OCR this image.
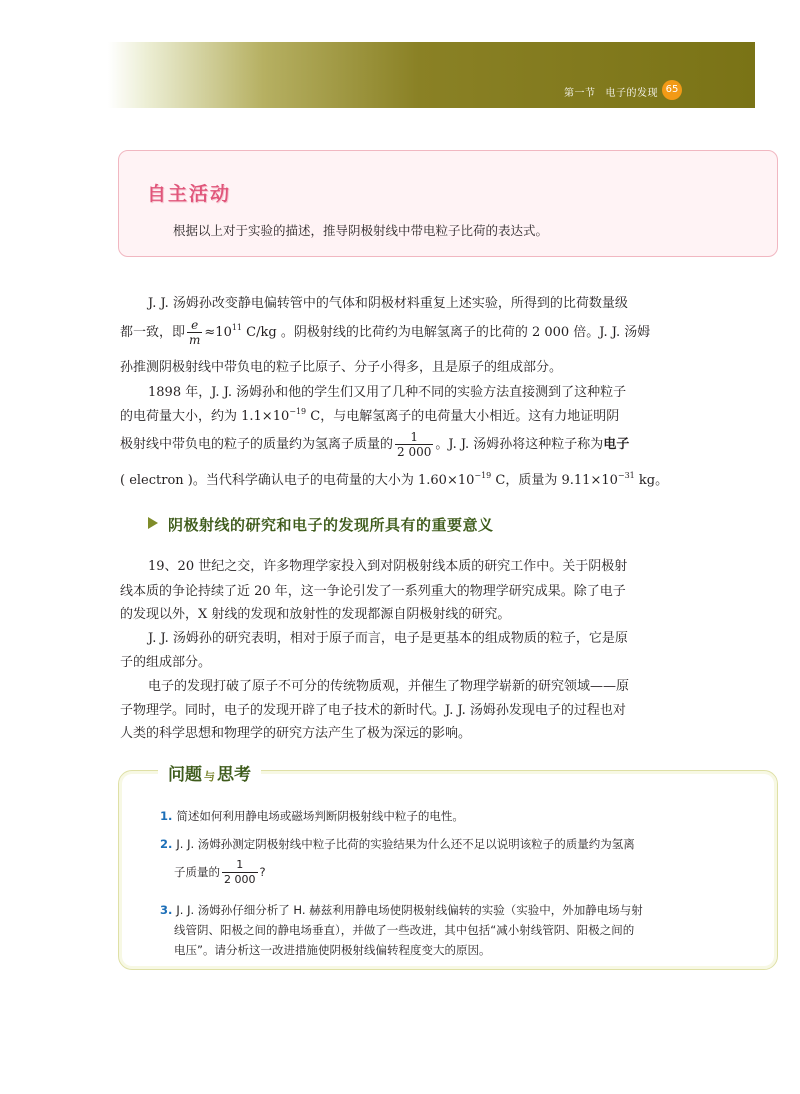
第一节 电子的发现 65
自主活动
根据以上对于实验的描述，推导阴极射线中带电粒子比荷的表达式。
J. J. 汤姆孙改变静电偏转管中的气体和阴极材料重复上述实验，所得到的比荷数量级
都一致，即 $\frac{e}{m} \approx 10^{11}$ C/kg 。阴极射线的比荷约为电解氢离子的比荷的 2 000 倍。J. J. 汤姆
孙推测阴极射线中带负电的粒子比原子、分子小得多，且是原子的组成部分。
1898 年，J. J. 汤姆孙和他的学生们又用了几种不同的实验方法直接测到了这种粒子
的电荷量大小，约为 $1.1\times 10^{-19}$ C，与电解氢离子的电荷量大小相近。这有力地证明阴
极射线中带负电的粒子的质量约为氢离子质量的 $\frac{1}{2 000}$ 。J. J. 汤姆孙将这种粒子称为电子
( electron )。当代科学确认电子的电荷量的大小为 $1.60\times 10^{-19}$ C，质量为 $9.11\times 10^{-31}$ kg。
阴极射线的研究和电子的发现所具有的重要意义
19、20 世纪之交，许多物理学家投入到对阴极射线本质的研究工作中。关于阴极射
线本质的争论持续了近 20 年，这一争论引发了一系列重大的物理学研究成果。除了电子
的发现以外，X 射线的发现和放射性的发现都源自阴极射线的研究。
J. J. 汤姆孙的研究表明，相对于原子而言，电子是更基本的组成物质的粒子，它是原
子的组成部分。
电子的发现打破了原子不可分的传统物质观，并催生了物理学崭新的研究领域——原
子物理学。同时，电子的发现开辟了电子技术的新时代。J. J. 汤姆孙发现电子的过程也对
人类的科学思想和物理学的研究方法产生了极为深远的影响。
问题 与 思考
1. 简述如何利用静电场或磁场判断阴极射线中粒子的电性。
2. J. J. 汤姆孙测定阴极射线中粒子比荷的实验结果为什么还不足以说明该粒子的质量约为氢离
子质量的 $\frac{1}{2 000}$ ?
3. J. J. 汤姆孙仔细分析了 H. 赫兹利用静电场使阴极射线偏转的实验（实验中，外加静电场与射
线管阴、阳极之间的静电场垂直），并做了一些改进，其中包括“减小射线管阴、阳极之间的
电压”。请分析这一改进措施使阴极射线偏转程度变大的原因。
